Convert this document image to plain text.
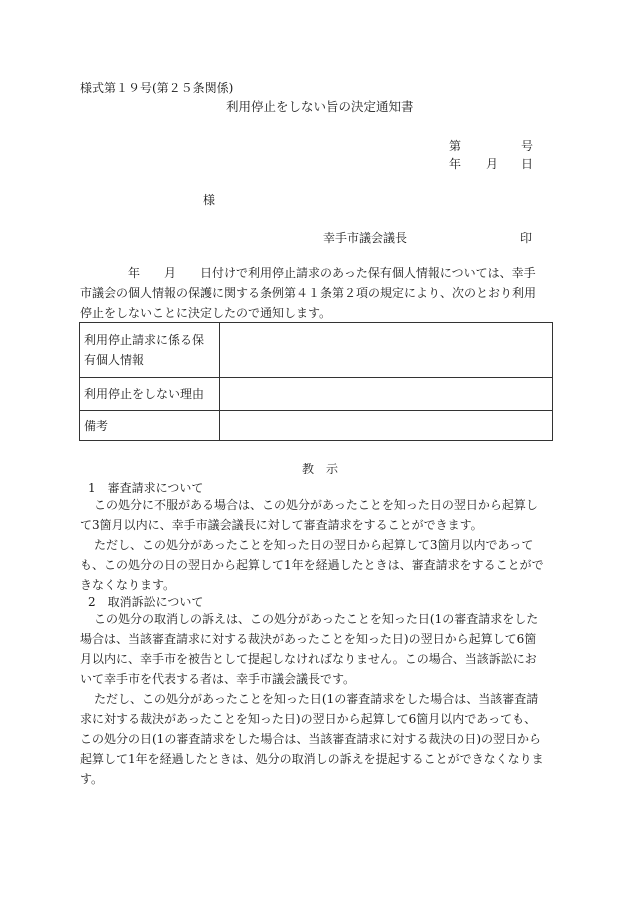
様式第１９号(第２５条関係)
利用停止をしない旨の決定通知書
第	号
年 月 日
様
幸手市議会議長	印
年　　月　　日付けで利用停止請求のあった保有個人情報については、幸手
市議会の個人情報の保護に関する条例第４１条第２項の規定により、次のとおり利用
停止をしないことに決定したので通知します。
利用停止請求に係る保
有個人情報	

利用停止をしない理由	

備考	

教　示
1　審査請求について
この処分に不服がある場合は、この処分があったことを知った日の翌日から起算し
て3箇月以内に、幸手市議会議長に対して審査請求をすることができます。
ただし、この処分があったことを知った日の翌日から起算して3箇月以内であって
も、この処分の日の翌日から起算して1年を経過したときは、審査請求をすることがで
きなくなります。
2　取消訴訟について
この処分の取消しの訴えは、この処分があったことを知った日(1の審査請求をした
場合は、当該審査請求に対する裁決があったことを知った日)の翌日から起算して6箇
月以内に、幸手市を被告として提起しなければなりません。この場合、当該訴訟にお
いて幸手市を代表する者は、幸手市議会議長です。
ただし、この処分があったことを知った日(1の審査請求をした場合は、当該審査請
求に対する裁決があったことを知った日)の翌日から起算して6箇月以内であっても、
この処分の日(1の審査請求をした場合は、当該審査請求に対する裁決の日)の翌日から
起算して1年を経過したときは、処分の取消しの訴えを提起することができなくなりま
す。
